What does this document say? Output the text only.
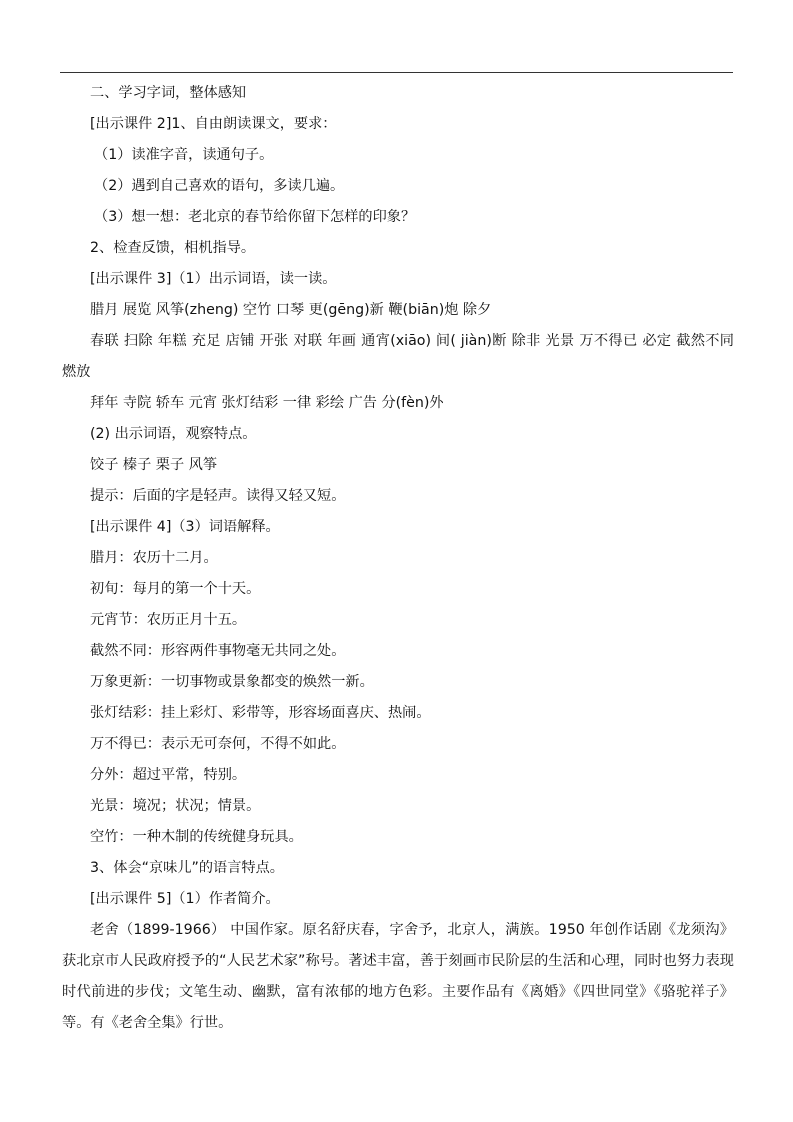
二、学习字词，整体感知

[出示课件 2]1、自由朗读课文，要求：

（1）读准字音，读通句子。

（2）遇到自己喜欢的语句，多读几遍。

（3）想一想：老北京的春节给你留下怎样的印象？

2、检查反馈，相机指导。

[出示课件 3]（1）出示词语，读一读。

腊月 展览 风筝(zheng) 空竹 口琴 更(gēng)新 鞭(biān)炮 除夕

春联 扫除 年糕 充足 店铺 开张 对联 年画 通宵(xiāo) 间( jiàn)断 除非 光景 万不得已 必定 截然不同 燃放

拜年 寺院 轿车 元宵 张灯结彩 一律 彩绘 广告 分(fèn)外

(2) 出示词语，观察特点。

饺子 榛子 栗子 风筝

提示：后面的字是轻声。读得又轻又短。

[出示课件 4]（3）词语解释。

腊月：农历十二月。

初旬：每月的第一个十天。

元宵节：农历正月十五。

截然不同：形容两件事物毫无共同之处。

万象更新：一切事物或景象都变的焕然一新。

张灯结彩：挂上彩灯、彩带等，形容场面喜庆、热闹。

万不得已：表示无可奈何，不得不如此。

分外：超过平常，特别。

光景：境况；状况；情景。

空竹：一种木制的传统健身玩具。

3、体会“京味儿”的语言特点。

[出示课件 5]（1）作者简介。

老舍（1899-1966） 中国作家。原名舒庆春，字舍予，北京人，满族。1950 年创作话剧《龙须沟》获北京市人民政府授予的“人民艺术家”称号。著述丰富，善于刻画市民阶层的生活和心理，同时也努力表现时代前进的步伐；文笔生动、幽默，富有浓郁的地方色彩。主要作品有《离婚》《四世同堂》《骆驼祥子》等。有《老舍全集》行世。
